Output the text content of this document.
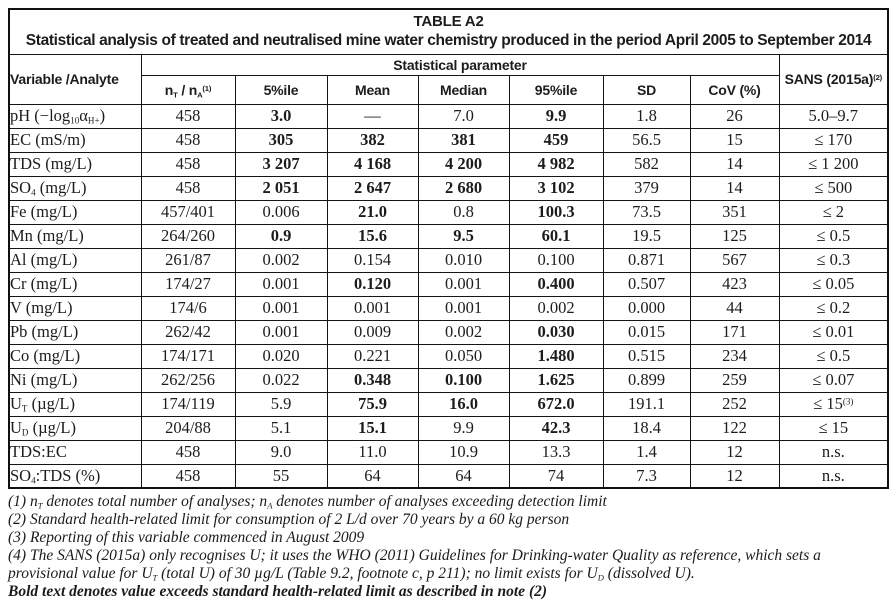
TABLE A2
Statistical analysis of treated and neutralised mine water chemistry produced in the period April 2005 to September 2014								

Variable /Analyte	Statistical parameter							SANS $(2015a)^{(2)}$
	$n_T / n_A^{(1)}$	5%ile	Mean	Median	95%ile	SD	CoV (%)	
pH $(-\log_{10}\alpha_{H+})$	458	3.0	—	7.0	9.9	1.8	26	5.0–9.7
EC (mS/m)	458	305	382	381	459	56.5	15	≤ 170
TDS (mg/L)	458	3 207	4 168	4 200	4 982	582	14	≤ 1 200
$SO_4$ (mg/L)	458	2 051	2 647	2 680	3 102	379	14	≤ 500
Fe (mg/L)	457/401	0.006	21.0	0.8	100.3	73.5	351	≤ 2
Mn (mg/L)	264/260	0.9	15.6	9.5	60.1	19.5	125	≤ 0.5
Al (mg/L)	261/87	0.002	0.154	0.010	0.100	0.871	567	≤ 0.3
Cr (mg/L)	174/27	0.001	0.120	0.001	0.400	0.507	423	≤ 0.05
V (mg/L)	174/6	0.001	0.001	0.001	0.002	0.000	44	≤ 0.2
Pb (mg/L)	262/42	0.001	0.009	0.002	0.030	0.015	171	≤ 0.01
Co (mg/L)	174/171	0.020	0.221	0.050	1.480	0.515	234	≤ 0.5
Ni (mg/L)	262/256	0.022	0.348	0.100	1.625	0.899	259	≤ 0.07
$U_T$ (µg/L)	174/119	5.9	75.9	16.0	672.0	191.1	252	≤ $15^{(3)}$
$U_D$ (µg/L)	204/88	5.1	15.1	9.9	42.3	18.4	122	≤ 15
TDS:EC	458	9.0	11.0	10.9	13.3	1.4	12	n.s.
$SO_4:TDS$ (%)	458	55	64	64	74	7.3	12	n.s.
(1) $n_T$ denotes total number of analyses; $n_A$ denotes number of analyses exceeding detection limit
(2) Standard health-related limit for consumption of 2 L/d over 70 years by a 60 kg person
(3) Reporting of this variable commenced in August 2009
(4) The SANS (2015a) only recognises U; it uses the WHO (2011) Guidelines for Drinking-water Quality as reference, which sets a provisional value for $U_T$ (total U) of 30 µg/L (Table 9.2, footnote c, p 211); no limit exists for $U_D$ (dissolved U).
Bold text denotes value exceeds standard health-related limit as described in note (2)
